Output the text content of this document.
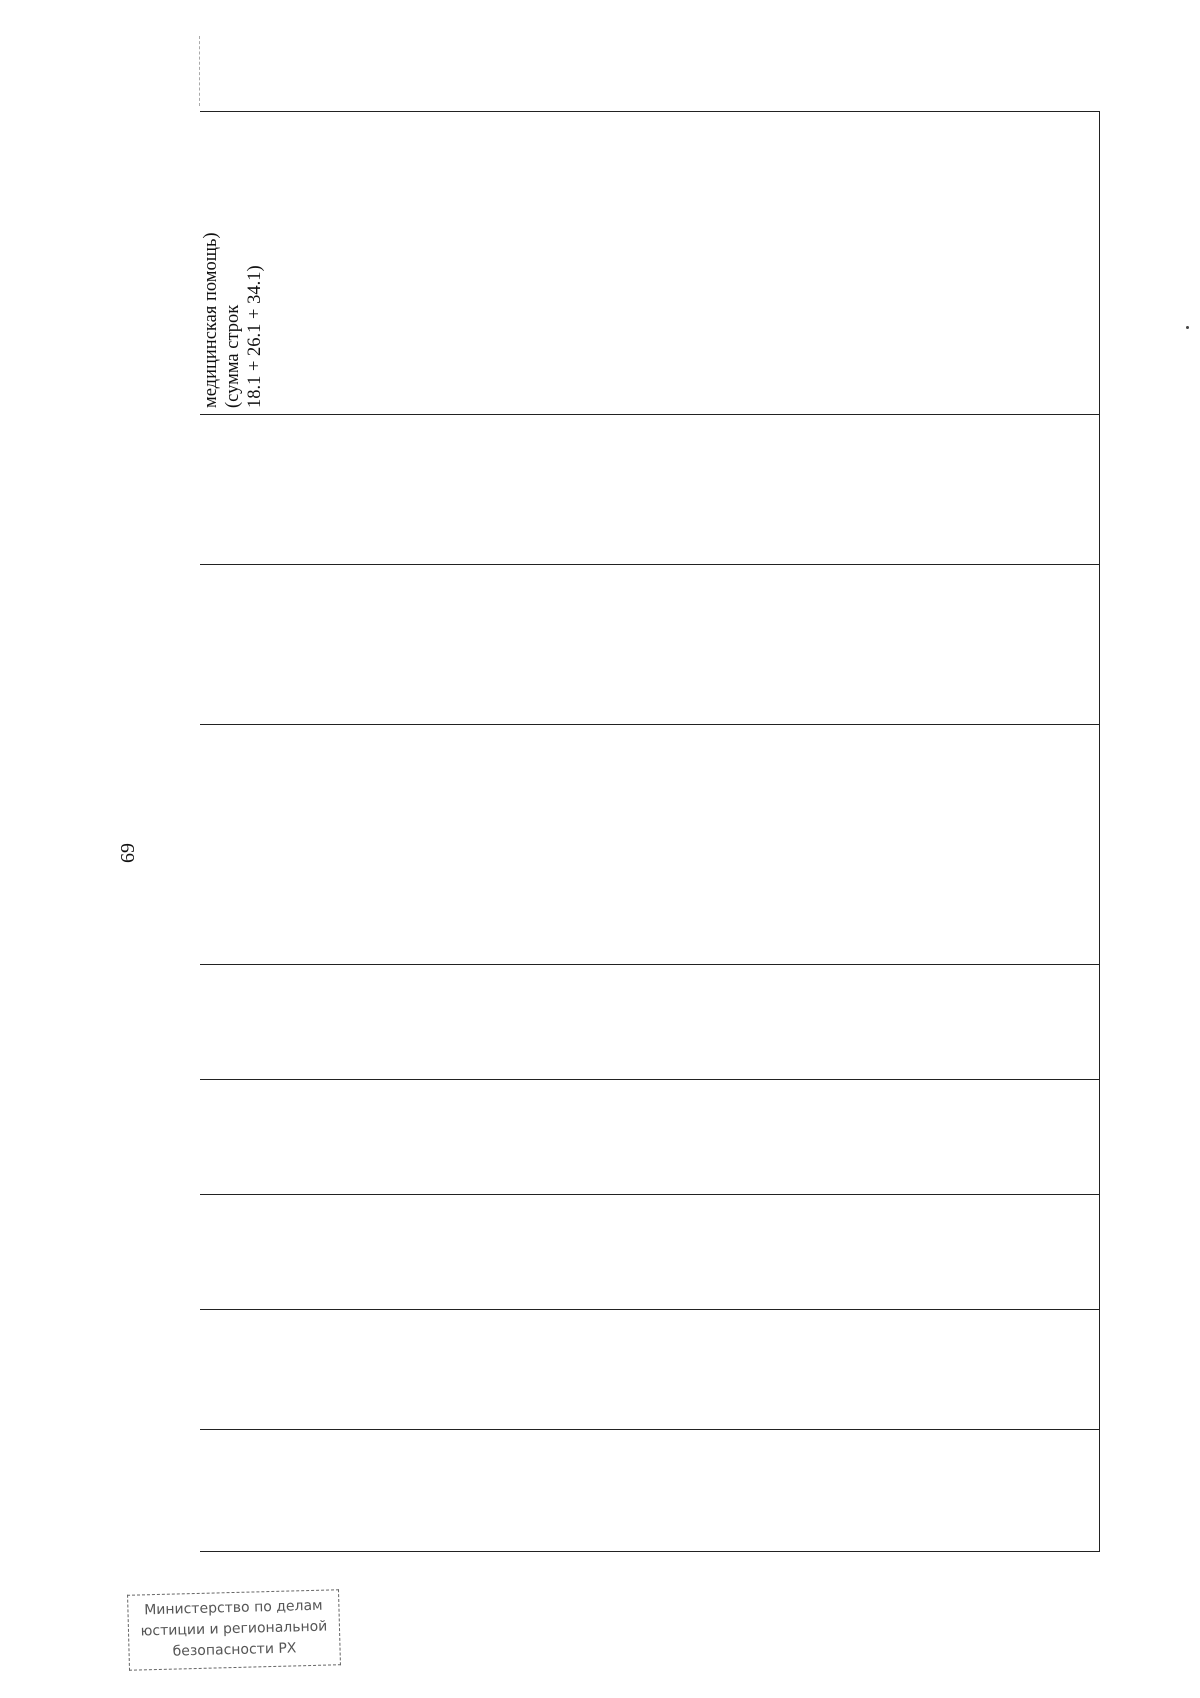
69
								медицинская помощь)
(сумма строк
18.1 + 26.1 + 34.1)
Министерство по делам
юстиции и региональной
безопасности РХ
